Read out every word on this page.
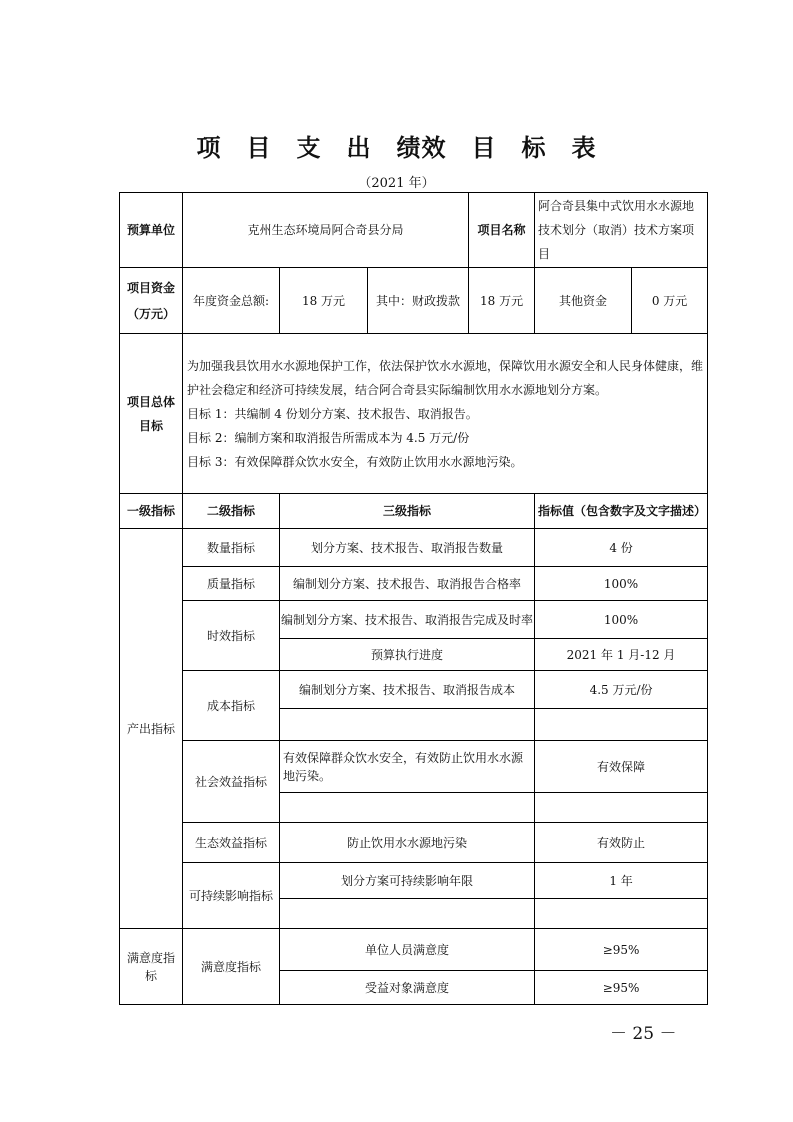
项　目　支　出　绩效　目　标　表
（2021 年）
预算单位	克州生态环境局阿合奇县分局			项目名称	阿合奇县集中式饮用水水源地技术划分（取消）技术方案项目	
项目资金
（万元）	年度资金总额:	18 万元	其中：财政拨款	18 万元	其他资金	0 万元
项目总体目标	为加强我县饮用水水源地保护工作，依法保护饮水水源地，保障饮用水源安全和人民身体健康，维护社会稳定和经济可持续发展，结合阿合奇县实际编制饮用水水源地划分方案。
目标 1：共编制 4 份划分方案、技术报告、取消报告。
目标 2：编制方案和取消报告所需成本为 4.5 万元/份
目标 3：有效保障群众饮水安全，有效防止饮用水水源地污染。					

一级指标	二级指标	三级指标			指标值（包含数字及文字描述）	
产出指标	数量指标	划分方案、技术报告、取消报告数量			4 份	
	质量指标	编制划分方案、技术报告、取消报告合格率			100%	
	时效指标	编制划分方案、技术报告、取消报告完成及时率			100%	
		预算执行进度			2021 年 1 月-12 月	
	成本指标	编制划分方案、技术报告、取消报告成本			4.5 万元/份	

	社会效益指标	有效保障群众饮水安全，有效防止饮用水水源地污染。			有效保障	

	生态效益指标	防止饮用水水源地污染			有效防止	
	可持续影响指标	划分方案可持续影响年限			1 年	

满意度指标	满意度指标	单位人员满意度			≥95%	
		受益对象满意度			≥95%	
－ 25 －
